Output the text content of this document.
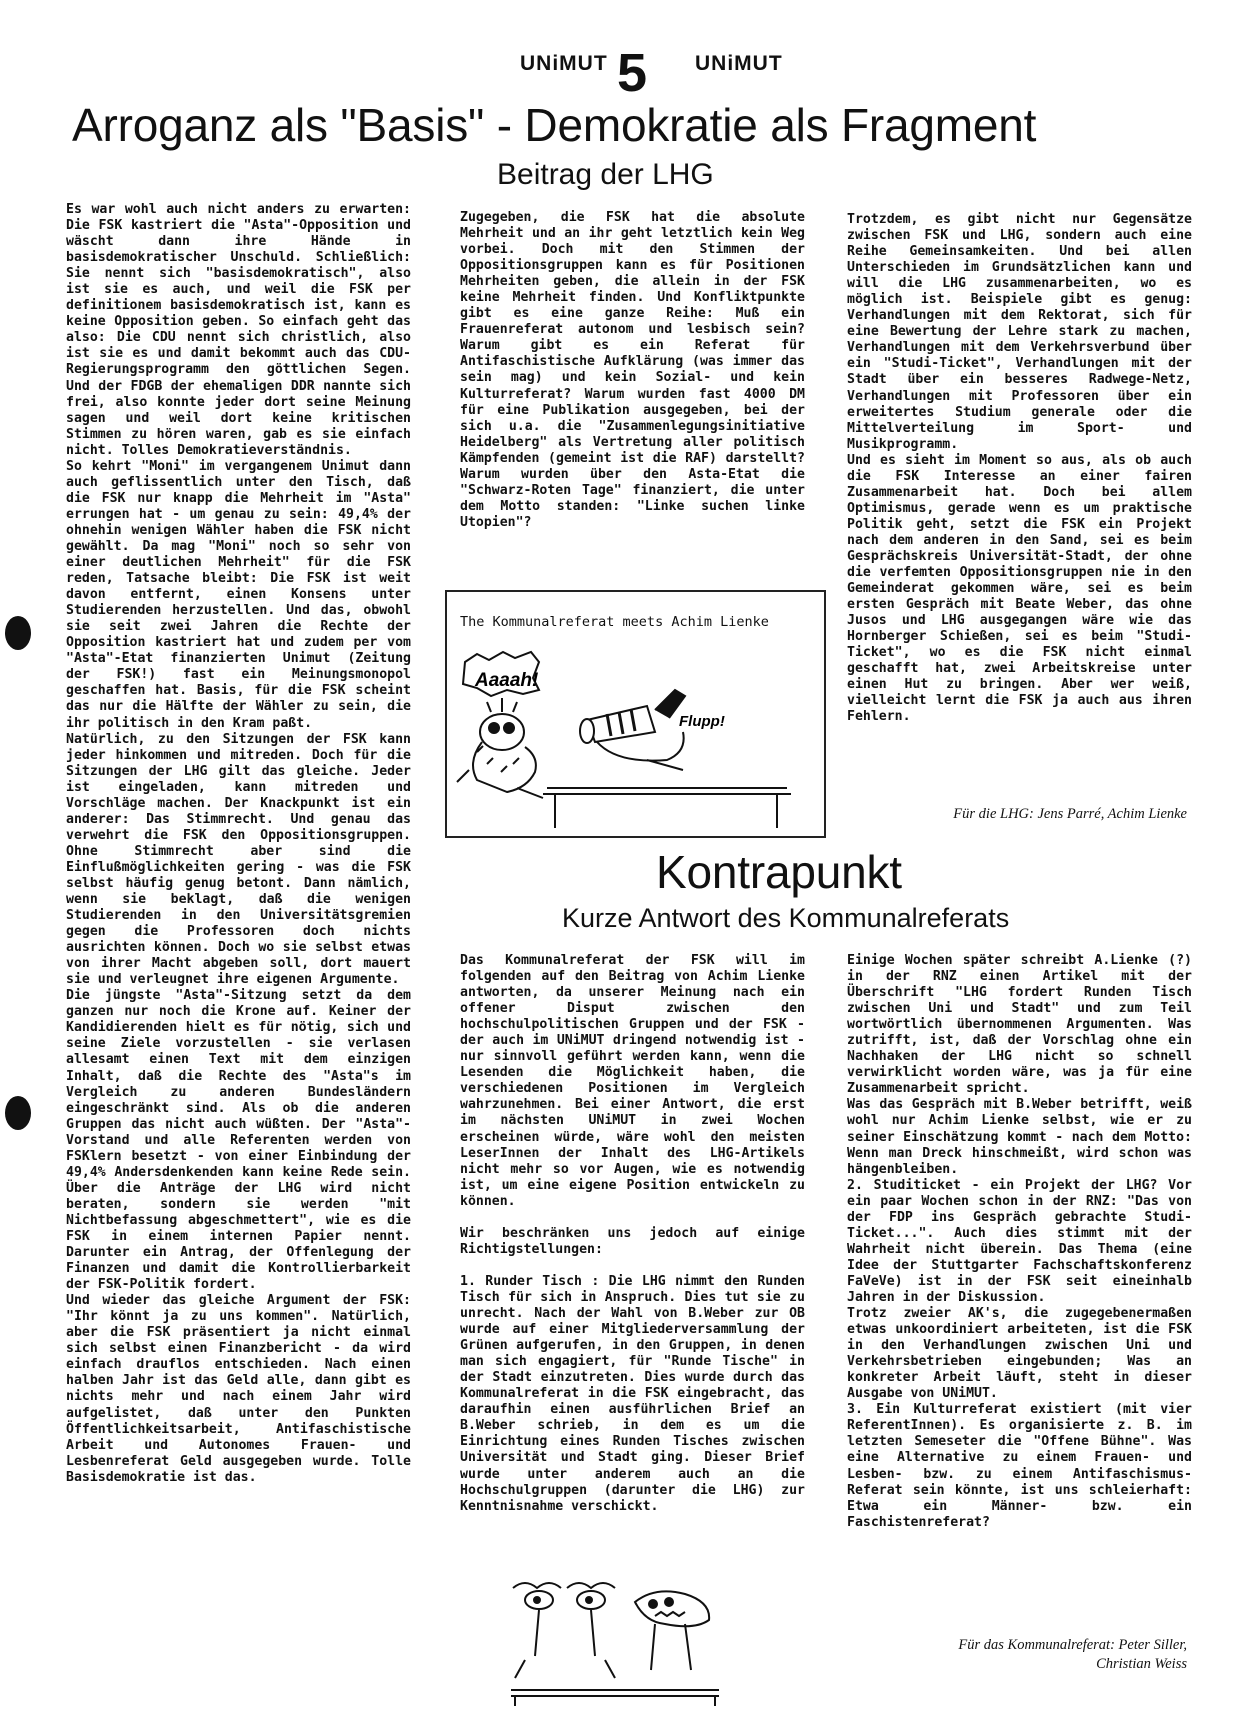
UNiMUT 5 UNiMUT
Arroganz als "Basis" - Demokratie als Fragment
Beitrag der LHG

Es war wohl auch nicht anders zu erwarten: Die FSK kastriert die "Asta"-Opposition und wäscht dann ihre Hände in basisdemokratischer Unschuld. Schließlich: Sie nennt sich "basisdemokratisch", also ist sie es auch, und weil die FSK per definitionem basisdemokratisch ist, kann es keine Opposition geben. So einfach geht das also: Die CDU nennt sich christlich, also ist sie es und damit bekommt auch das CDU-Regierungsprogramm den göttlichen Segen. Und der FDGB der ehemaligen DDR nannte sich frei, also konnte jeder dort seine Meinung sagen und weil dort keine kritischen Stimmen zu hören waren, gab es sie einfach nicht. Tolles Demokratieverständnis.

So kehrt "Moni" im vergangenem Unimut dann auch geflissentlich unter den Tisch, daß die FSK nur knapp die Mehrheit im "Asta" errungen hat - um genau zu sein: 49,4% der ohnehin wenigen Wähler haben die FSK nicht gewählt. Da mag "Moni" noch so sehr von einer deutlichen Mehrheit" für die FSK reden, Tatsache bleibt: Die FSK ist weit davon entfernt, einen Konsens unter Studierenden herzustellen. Und das, obwohl sie seit zwei Jahren die Rechte der Opposition kastriert hat und zudem per vom "Asta"-Etat finanzierten Unimut (Zeitung der FSK!) fast ein Meinungsmonopol geschaffen hat. Basis, für die FSK scheint das nur die Hälfte der Wähler zu sein, die ihr politisch in den Kram paßt.

Natürlich, zu den Sitzungen der FSK kann jeder hinkommen und mitreden. Doch für die Sitzungen der LHG gilt das gleiche. Jeder ist eingeladen, kann mitreden und Vorschläge machen. Der Knackpunkt ist ein anderer: Das Stimmrecht. Und genau das verwehrt die FSK den Oppositionsgruppen. Ohne Stimmrecht aber sind die Einflußmöglichkeiten gering - was die FSK selbst häufig genug betont. Dann nämlich, wenn sie beklagt, daß die wenigen Studierenden in den Universitätsgremien gegen die Professoren doch nichts ausrichten können. Doch wo sie selbst etwas von ihrer Macht abgeben soll, dort mauert sie und verleugnet ihre eigenen Argumente.

Die jüngste "Asta"-Sitzung setzt da dem ganzen nur noch die Krone auf. Keiner der Kandidierenden hielt es für nötig, sich und seine Ziele vorzustellen - sie verlasen allesamt einen Text mit dem einzigen Inhalt, daß die Rechte des "Asta"s im Vergleich zu anderen Bundesländern eingeschränkt sind. Als ob die anderen Gruppen das nicht auch wüßten. Der "Asta"-Vorstand und alle Referenten werden von FSKlern besetzt - von einer Einbindung der 49,4% Andersdenkenden kann keine Rede sein. Über die Anträge der LHG wird nicht beraten, sondern sie werden "mit Nichtbefassung abgeschmettert", wie es die FSK in einem internen Papier nennt. Darunter ein Antrag, der Offenlegung der Finanzen und damit die Kontrollierbarkeit der FSK-Politik fordert.

Und wieder das gleiche Argument der FSK: "Ihr könnt ja zu uns kommen". Natürlich, aber die FSK präsentiert ja nicht einmal sich selbst einen Finanzbericht - da wird einfach drauflos entschieden. Nach einen halben Jahr ist das Geld alle, dann gibt es nichts mehr und nach einem Jahr wird aufgelistet, daß unter den Punkten Öffentlichkeitsarbeit, Antifaschistische Arbeit und Autonomes Frauen- und Lesbenreferat Geld ausgegeben wurde. Tolle Basisdemokratie ist das.

Zugegeben, die FSK hat die absolute Mehrheit und an ihr geht letztlich kein Weg vorbei. Doch mit den Stimmen der Oppositionsgruppen kann es für Positionen Mehrheiten geben, die allein in der FSK keine Mehrheit finden. Und Konfliktpunkte gibt es eine ganze Reihe: Muß ein Frauenreferat autonom und lesbisch sein? Warum gibt es ein Referat für Antifaschistische Aufklärung (was immer das sein mag) und kein Sozial- und kein Kulturreferat? Warum wurden fast 4000 DM für eine Publikation ausgegeben, bei der sich u.a. die "Zusammenlegungsinitiative Heidelberg" als Vertretung aller politisch Kämpfenden (gemeint ist die RAF) darstellt? Warum wurden über den Asta-Etat die "Schwarz-Roten Tage" finanziert, die unter dem Motto standen: "Linke suchen linke Utopien"?

Trotzdem, es gibt nicht nur Gegensätze zwischen FSK und LHG, sondern auch eine Reihe Gemeinsamkeiten. Und bei allen Unterschieden im Grundsätzlichen kann und will die LHG zusammenarbeiten, wo es möglich ist. Beispiele gibt es genug: Verhandlungen mit dem Rektorat, sich für eine Bewertung der Lehre stark zu machen, Verhandlungen mit dem Verkehrsverbund über ein "Studi-Ticket", Verhandlungen mit der Stadt über ein besseres Radwege-Netz, Verhandlungen mit Professoren über ein erweitertes Studium generale oder die Mittelverteilung im Sport- und Musikprogramm.

Und es sieht im Moment so aus, als ob auch die FSK Interesse an einer fairen Zusammenarbeit hat. Doch bei allem Optimismus, gerade wenn es um praktische Politik geht, setzt die FSK ein Projekt nach dem anderen in den Sand, sei es beim Gesprächskreis Universität-Stadt, der ohne die verfemten Oppositionsgruppen nie in den Gemeinderat gekommen wäre, sei es beim ersten Gespräch mit Beate Weber, das ohne Jusos und LHG ausgegangen wäre wie das Hornberger Schießen, sei es beim "Studi-Ticket", wo es die FSK nicht einmal geschafft hat, zwei Arbeitskreise unter einen Hut zu bringen. Aber wer weiß, vielleicht lernt die FSK ja auch aus ihren Fehlern.

Für die LHG: Jens Parré, Achim Lienke
The Kommunalreferat meets Achim Lienke
Aaaah!
Flupp!
Kontrapunkt
Kurze Antwort des Kommunalreferats

Das Kommunalreferat der FSK will im folgenden auf den Beitrag von Achim Lienke antworten, da unserer Meinung nach ein offener Disput zwischen den hochschulpolitischen Gruppen und der FSK - der auch im UNiMUT dringend notwendig ist - nur sinnvoll geführt werden kann, wenn die Lesenden die Möglichkeit haben, die verschiedenen Positionen im Vergleich wahrzunehmen. Bei einer Antwort, die erst im nächsten UNiMUT in zwei Wochen erscheinen würde, wäre wohl den meisten LeserInnen der Inhalt des LHG-Artikels nicht mehr so vor Augen, wie es notwendig ist, um eine eigene Position entwickeln zu können.

Wir beschränken uns jedoch auf einige Richtigstellungen:

1. Runder Tisch : Die LHG nimmt den Runden Tisch für sich in Anspruch. Dies tut sie zu unrecht. Nach der Wahl von B.Weber zur OB wurde auf einer Mitgliederversammlung der Grünen aufgerufen, in den Gruppen, in denen man sich engagiert, für "Runde Tische" in der Stadt einzutreten. Dies wurde durch das Kommunalreferat in die FSK eingebracht, das daraufhin einen ausführlichen Brief an B.Weber schrieb, in dem es um die Einrichtung eines Runden Tisches zwischen Universität und Stadt ging. Dieser Brief wurde unter anderem auch an die Hochschulgruppen (darunter die LHG) zur Kenntnisnahme verschickt.

Einige Wochen später schreibt A.Lienke (?) in der RNZ einen Artikel mit der Überschrift "LHG fordert Runden Tisch zwischen Uni und Stadt" und zum Teil wortwörtlich übernommenen Argumenten. Was zutrifft, ist, daß der Vorschlag ohne ein Nachhaken der LHG nicht so schnell verwirklicht worden wäre, was ja für eine Zusammenarbeit spricht.

Was das Gespräch mit B.Weber betrifft, weiß wohl nur Achim Lienke selbst, wie er zu seiner Einschätzung kommt - nach dem Motto: Wenn man Dreck hinschmeißt, wird schon was hängenbleiben.

2. Studiticket - ein Projekt der LHG? Vor ein paar Wochen schon in der RNZ: "Das von der FDP ins Gespräch gebrachte Studi-Ticket...". Auch dies stimmt mit der Wahrheit nicht überein. Das Thema (eine Idee der Stuttgarter Fachschaftskonferenz FaVeVe) ist in der FSK seit eineinhalb Jahren in der Diskussion.

Trotz zweier AK's, die zugegebenermaßen etwas unkoordiniert arbeiteten, ist die FSK in den Verhandlungen zwischen Uni und Verkehrsbetrieben eingebunden; Was an konkreter Arbeit läuft, steht in dieser Ausgabe von UNiMUT.

3. Ein Kulturreferat existiert (mit vier ReferentInnen). Es organisierte z. B. im letzten Semeseter die "Offene Bühne". Was eine Alternative zu einem Frauen- und Lesben- bzw. zu einem Antifaschismus-Referat sein könnte, ist uns schleierhaft: Etwa ein Männer- bzw. ein Faschistenreferat?

Für das Kommunalreferat: Peter Siller,
Christian Weiss
